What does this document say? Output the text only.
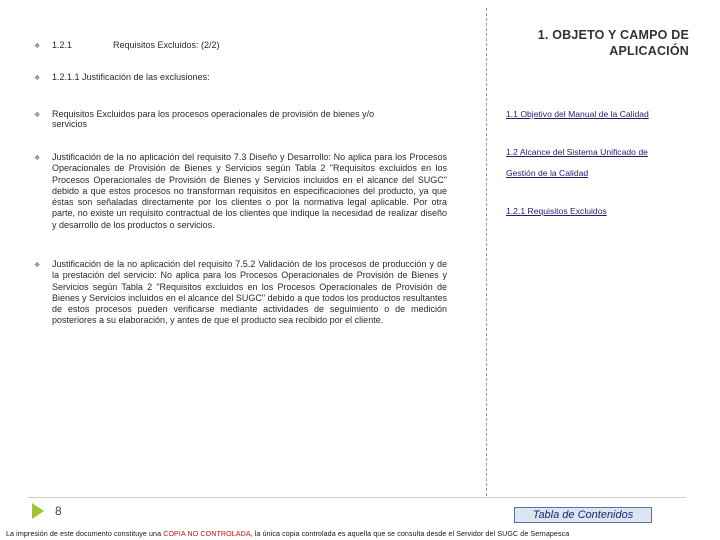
❖ 1.2.1	Requisitos Excluidos: (2/2)
❖ 1.2.1.1 Justificación de las exclusiones:
❖ Requisitos Excluidos para los procesos operacionales de provisión de bienes y/o
servicios
❖ Justificación de la no aplicación del requisito 7.3 Diseño y Desarrollo: No aplica para los Procesos Operacionales de Provisión de Bienes y Servicios según Tabla 2 "Requisitos excluidos en los Procesos Operacionales de Provisión de Bienes y Servicios incluidos en el alcance del SUGC" debido a que estos procesos no transforman requisitos en especificaciones del producto, ya que éstas son señaladas directamente por los clientes o por la normativa legal aplicable. Por otra parte, no existe un requisito contractual de los clientes que indique la necesidad de realizar diseño y desarrollo de los productos o servicios.
❖ Justificación de la no aplicación del requisito 7.5.2 Validación de los procesos de producción y de la prestación del servicio: No aplica para los Procesos Operacionales de Provisión de Bienes y Servicios según Tabla 2 "Requisitos excluidos en los Procesos Operacionales de Provisión de Bienes y Servicios incluidos en el alcance del SUGC" debido a que todos los productos resultantes de estos procesos pueden verificarse mediante actividades de seguimiento o de medición posteriores a su elaboración, y antes de que el producto sea recibido por el cliente.
1. OBJETO Y CAMPO DE
APLICACIÓN
1.1 Objetivo del Manual de la Calidad
1.2 Alcance del Sistema Unificado de
Gestión de la Calidad
1.2.1 Requisitos Excluidos
8	Tabla de Contenidos
La impresión de este documento constituye una COPIA NO CONTROLADA, la única copia controlada es aquella que se consulta desde el Servidor del SUGC de Sernapesca
